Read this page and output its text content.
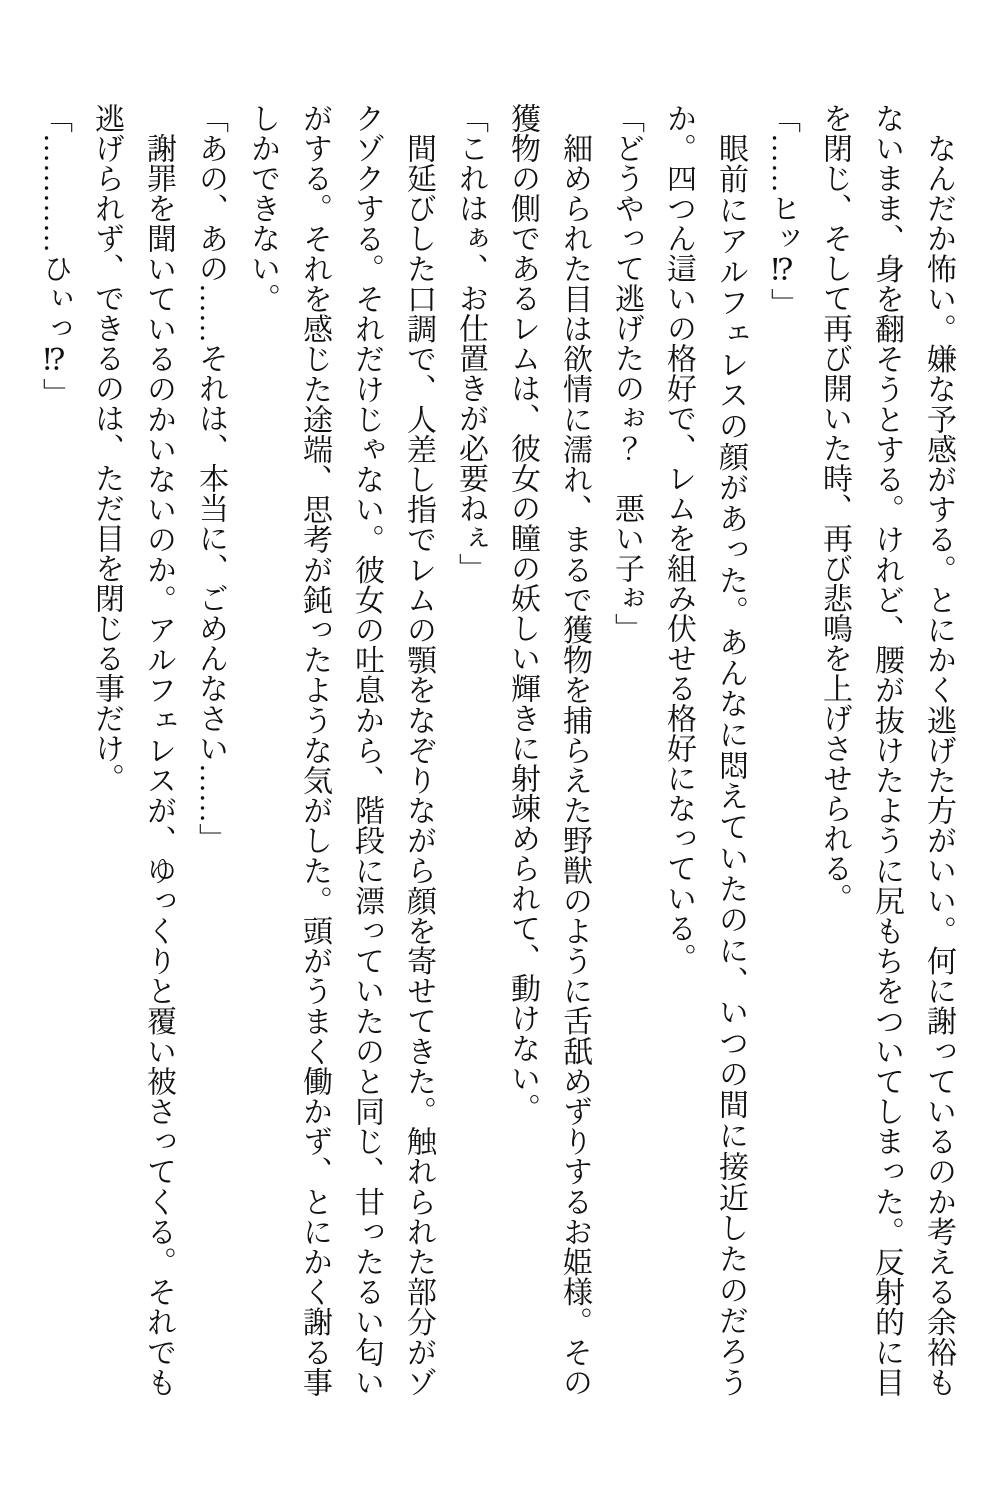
なんだか怖い。嫌な予感がする。とにかく逃げた方がいい。何に謝っているのか考える余裕もないまま、身を翻そうとする。けれど、腰が抜けたように尻もちをついてしまった。反射的に目を閉じ、そして再び開いた時、再び悲鳴を上げさせられる。

「……ヒッ⁉」

眼前にアルフェレスの顔があった。あんなに悶えていたのに、いつの間に接近したのだろうか。四つん這いの格好で、レムを組み伏せる格好になっている。

「どうやって逃げたのぉ？　悪い子ぉ」

細められた目は欲情に濡れ、まるで獲物を捕らえた野獣のように舌舐めずりするお姫様。その獲物の側であるレムは、彼女の瞳の妖しい輝きに射竦められて、動けない。

「これはぁ、お仕置きが必要ねぇ」

間延びした口調で、人差し指でレムの顎をなぞりながら顔を寄せてきた。触れられた部分がゾクゾクする。それだけじゃない。彼女の吐息から、階段に漂っていたのと同じ、甘ったるい匂いがする。それを感じた途端、思考が鈍ったような気がした。頭がうまく働かず、とにかく謝る事しかできない。

「あの、あの……それは、本当に、ごめんなさい……」

謝罪を聞いているのかいないのか。アルフェレスが、ゆっくりと覆い被さってくる。それでも逃げられず、できるのは、ただ目を閉じる事だけ。

「…………ひぃっ⁉」
